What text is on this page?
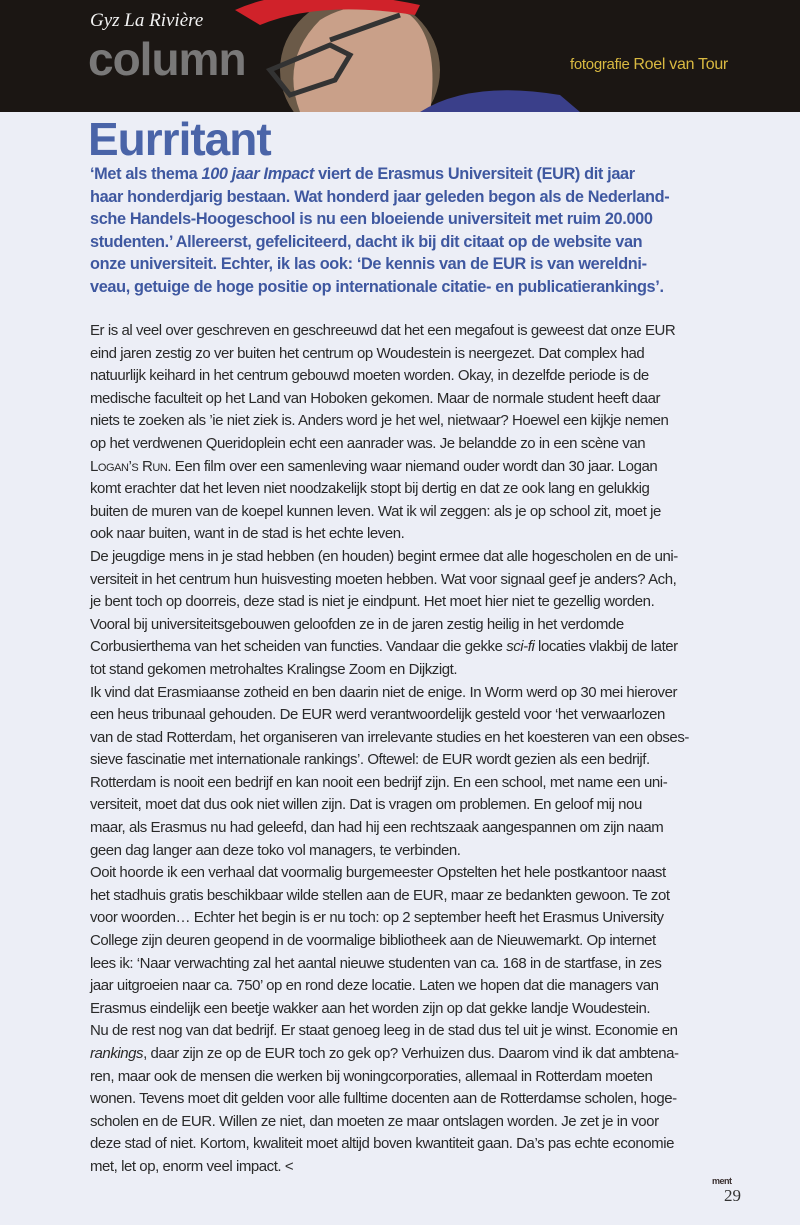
Gyz La Rivière
column	fotografie Roel van Tour
Eurritant
‘Met als thema 100 jaar Impact viert de Erasmus Universiteit (EUR) dit jaar
haar honderdjarig bestaan. Wat honderd jaar geleden begon als de Nederland-
sche Handels-Hoogeschool is nu een bloeiende universiteit met ruim 20.000
studenten.’ Allereerst, gefeliciteerd, dacht ik bij dit citaat op de website van
onze universiteit. Echter, ik las ook: ‘De kennis van de EUR is van wereldni-
veau, getuige de hoge positie op internationale citatie- en publicatierankings’.
Er is al veel over geschreven en geschreeuwd dat het een megafout is geweest dat onze EUR
eind jaren zestig zo ver buiten het centrum op Woudestein is neergezet. Dat complex had
natuurlijk keihard in het centrum gebouwd moeten worden. Okay, in dezelfde periode is de
medische faculteit op het Land van Hoboken gekomen. Maar de normale student heeft daar
niets te zoeken als ’ie niet ziek is. Anders word je het wel, nietwaar? Hoewel een kijkje nemen
op het verdwenen Queridoplein echt een aanrader was. Je belandde zo in een scène van
Logan’s Run. Een film over een samenleving waar niemand ouder wordt dan 30 jaar. Logan
komt erachter dat het leven niet noodzakelijk stopt bij dertig en dat ze ook lang en gelukkig
buiten de muren van de koepel kunnen leven. Wat ik wil zeggen: als je op school zit, moet je
ook naar buiten, want in de stad is het echte leven.
De jeugdige mens in je stad hebben (en houden) begint ermee dat alle hogescholen en de uni-
versiteit in het centrum hun huisvesting moeten hebben. Wat voor signaal geef je anders? Ach,
je bent toch op doorreis, deze stad is niet je eindpunt. Het moet hier niet te gezellig worden.
Vooral bij universiteitsgebouwen geloofden ze in de jaren zestig heilig in het verdomde
Corbusierthema van het scheiden van functies. Vandaar die gekke sci-fi locaties vlakbij de later
tot stand gekomen metrohaltes Kralingse Zoom en Dijkzigt.
Ik vind dat Erasmiaanse zotheid en ben daarin niet de enige. In Worm werd op 30 mei hierover
een heus tribunaal gehouden. De EUR werd verantwoordelijk gesteld voor ‘het verwaarlozen
van de stad Rotterdam, het organiseren van irrelevante studies en het koesteren van een obses-
sieve fascinatie met internationale rankings’. Oftewel: de EUR wordt gezien als een bedrijf.
Rotterdam is nooit een bedrijf en kan nooit een bedrijf zijn. En een school, met name een uni-
versiteit, moet dat dus ook niet willen zijn. Dat is vragen om problemen. En geloof mij nou
maar, als Erasmus nu had geleefd, dan had hij een rechtszaak aangespannen om zijn naam
geen dag langer aan deze toko vol managers, te verbinden.
Ooit hoorde ik een verhaal dat voormalig burgemeester Opstelten het hele postkantoor naast
het stadhuis gratis beschikbaar wilde stellen aan de EUR, maar ze bedankten gewoon. Te zot
voor woorden… Echter het begin is er nu toch: op 2 september heeft het Erasmus University
College zijn deuren geopend in de voormalige bibliotheek aan de Nieuwemarkt. Op internet
lees ik: ‘Naar verwachting zal het aantal nieuwe studenten van ca. 168 in de startfase, in zes
jaar uitgroeien naar ca. 750’ op en rond deze locatie. Laten we hopen dat die managers van
Erasmus eindelijk een beetje wakker aan het worden zijn op dat gekke landje Woudestein.
Nu de rest nog van dat bedrijf. Er staat genoeg leeg in de stad dus tel uit je winst. Economie en
rankings, daar zijn ze op de EUR toch zo gek op? Verhuizen dus. Daarom vind ik dat ambtena-
ren, maar ook de mensen die werken bij woningcorporaties, allemaal in Rotterdam moeten
wonen. Tevens moet dit gelden voor alle fulltime docenten aan de Rotterdamse scholen, hoge-
scholen en de EUR. Willen ze niet, dan moeten ze maar ontslagen worden. Je zet je in voor
deze stad of niet. Kortom, kwaliteit moet altijd boven kwantiteit gaan. Da’s pas echte economie
met, let op, enorm veel impact. <
ment
29
